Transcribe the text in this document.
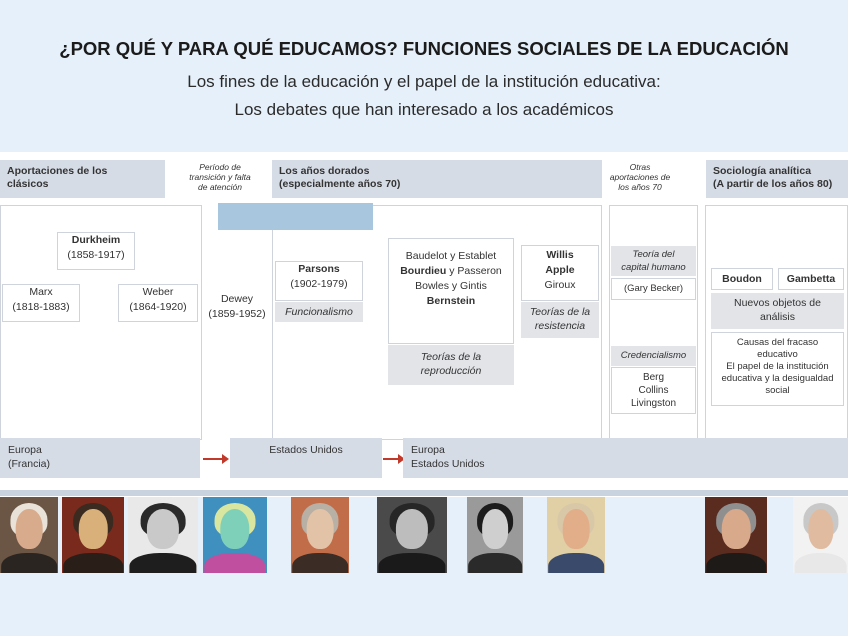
¿POR QUÉ Y PARA QUÉ EDUCAMOS? FUNCIONES SOCIALES DE LA EDUCACIÓN
Los fines de la educación y el papel de la institución educativa:
Los debates que han interesado a los académicos
Aportaciones de los
clásicos
Período de
transición y falta
de atención
Los años dorados
(especialmente años 70)
Otras
aportaciones de
los años 70
Sociología analítica
(A partir de los años 80)
Durkheim
(1858-1917)
Marx
(1818-1883)
Weber
(1864-1920)
Dewey
(1859-1952)
Parsons
(1902-1979)
Funcionalismo
Baudelot y Establet
Bourdieu y Passeron
Bowles y Gintis
Bernstein
Teorías de la
reproducción
Willis
Apple
Giroux
Teorías de la
resistencia
Teoría del
capital humano
(Gary Becker)
Credencialismo
Berg
Collins
Livingston
Boudon	Gambetta
Nuevos objetos de
análisis
Causas del fracaso
educativo
El papel de la institución
educativa y la desigualdad
social
Europa
(Francia)
Estados Unidos	Europa
Estados Unidos
